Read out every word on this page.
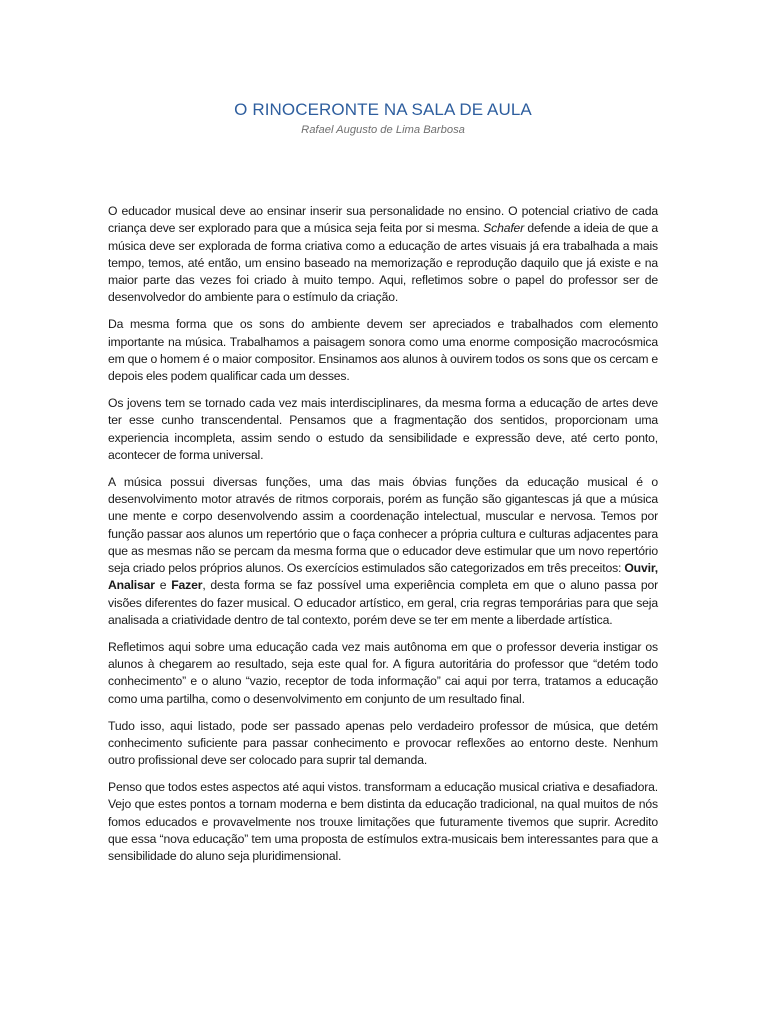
O RINOCERONTE NA SALA DE AULA
Rafael Augusto de Lima Barbosa

O educador musical deve ao ensinar inserir sua personalidade no ensino. O potencial criativo de cada criança deve ser explorado para que a música seja feita por si mesma. Schafer defende a ideia de que a música deve ser explorada de forma criativa como a educação de artes visuais já era trabalhada a mais tempo, temos, até então, um ensino baseado na memorização e reprodução daquilo que já existe e na maior parte das vezes foi criado à muito tempo. Aqui, refletimos sobre o papel do professor ser de desenvolvedor do ambiente para o estímulo da criação.

Da mesma forma que os sons do ambiente devem ser apreciados e trabalhados com elemento importante na música. Trabalhamos a paisagem sonora como uma enorme composição macrocósmica em que o homem é o maior compositor. Ensinamos aos alunos à ouvirem todos os sons que os cercam e depois eles podem qualificar cada um desses.

Os jovens tem se tornado cada vez mais interdisciplinares, da mesma forma a educação de artes deve ter esse cunho transcendental. Pensamos que a fragmentação dos sentidos, proporcionam uma experiencia incompleta, assim sendo o estudo da sensibilidade e expressão deve, até certo ponto, acontecer de forma universal.

A música possui diversas funções, uma das mais óbvias funções da educação musical é o desenvolvimento motor através de ritmos corporais, porém as função são gigantescas já que a música une mente e corpo desenvolvendo assim a coordenação intelectual, muscular e nervosa. Temos por função passar aos alunos um repertório que o faça conhecer a própria cultura e culturas adjacentes para que as mesmas não se percam da mesma forma que o educador deve estimular que um novo repertório seja criado pelos próprios alunos. Os exercícios estimulados são categorizados em três preceitos: Ouvir, Analisar e Fazer, desta forma se faz possível uma experiência completa em que o aluno passa por visões diferentes do fazer musical. O educador artístico, em geral, cria regras temporárias para que seja analisada a criatividade dentro de tal contexto, porém deve se ter em mente a liberdade artística.

Refletimos aqui sobre uma educação cada vez mais autônoma em que o professor deveria instigar os alunos à chegarem ao resultado, seja este qual for. A figura autoritária do professor que “detém todo conhecimento” e o aluno “vazio, receptor de toda informação” cai aqui por terra, tratamos a educação como uma partilha, como o desenvolvimento em conjunto de um resultado final.

Tudo isso, aqui listado, pode ser passado apenas pelo verdadeiro professor de música, que detém conhecimento suficiente para passar conhecimento e provocar reflexões ao entorno deste. Nenhum outro profissional deve ser colocado para suprir tal demanda.

Penso que todos estes aspectos até aqui vistos. transformam a educação musical criativa e desafiadora. Vejo que estes pontos a tornam moderna e bem distinta da educação tradicional, na qual muitos de nós fomos educados e provavelmente nos trouxe limitações que futuramente tivemos que suprir. Acredito que essa “nova educação” tem uma proposta de estímulos extra-musicais bem interessantes para que a sensibilidade do aluno seja pluridimensional.
